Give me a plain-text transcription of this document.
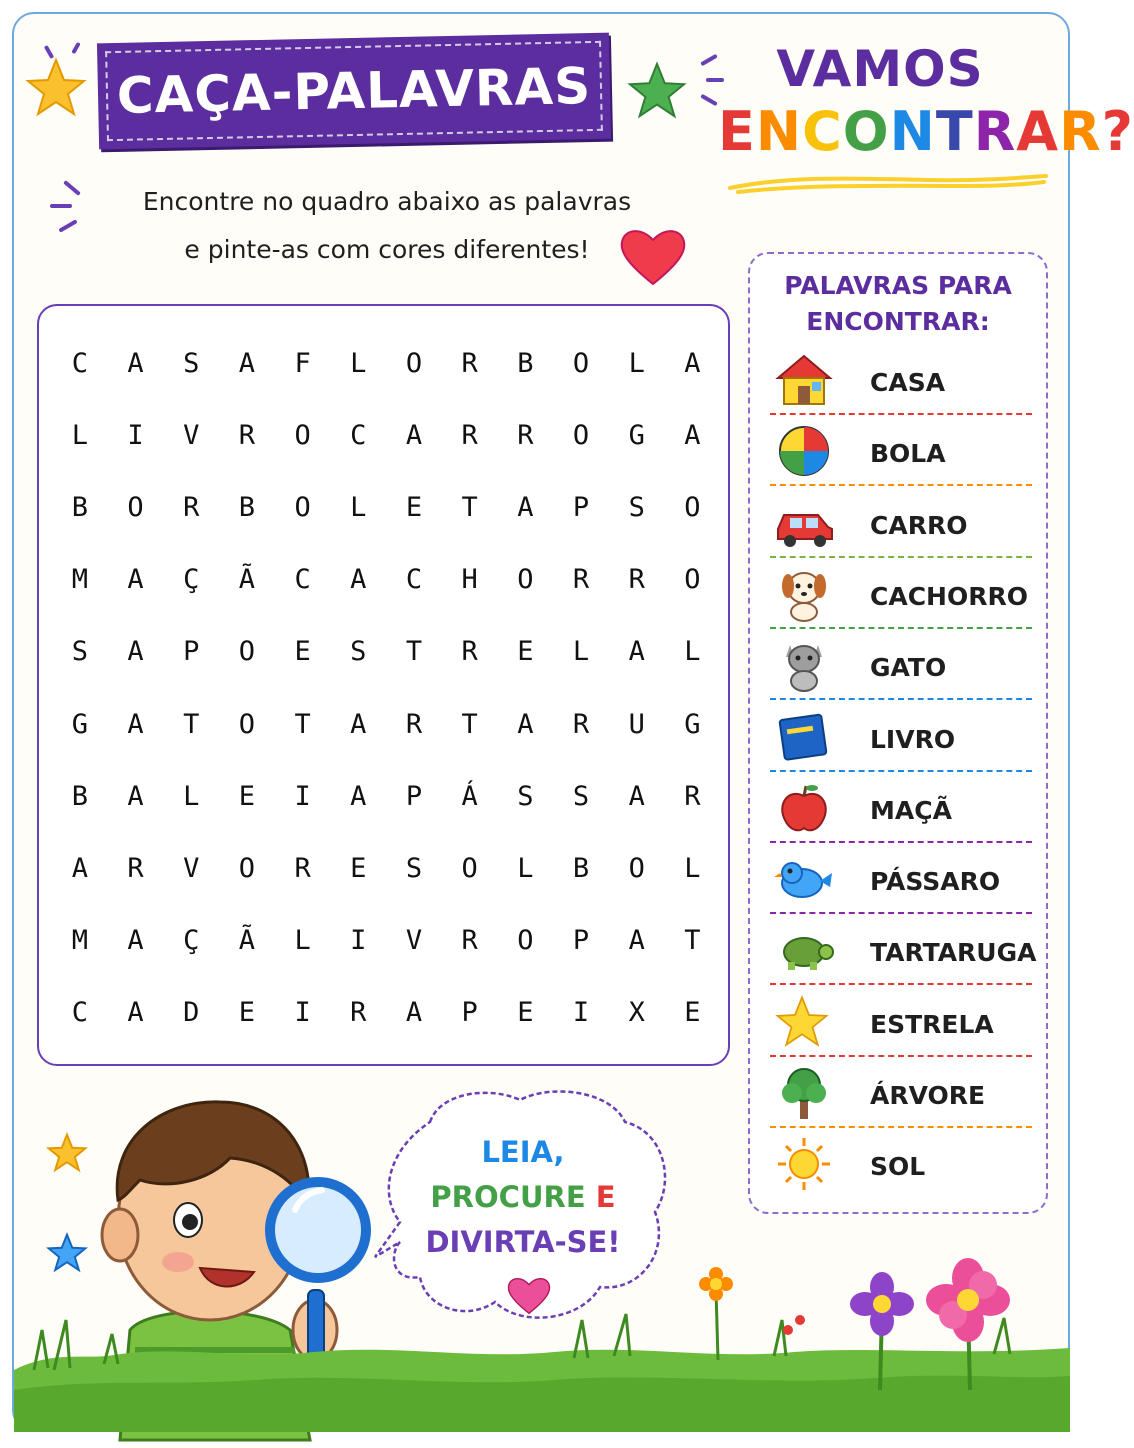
CAÇA-PALAVRAS	VAMOS
ENCONTRAR?
Encontre no quadro abaixo as palavras
e pinte-as com cores diferentes!
C	A	S	A	F	L	O	R	B	O	L	A
L	I	V	R	O	C	A	R	R	O	G	A
B	O	R	B	O	L	E	T	A	P	S	O
M	A	Ç	Ã	C	A	C	H	O	R	R	O
S	A	P	O	E	S	T	R	E	L	A	L
G	A	T	O	T	A	R	T	A	R	U	G
B	A	L	E	I	A	P	Á	S	S	A	R
A	R	V	O	R	E	S	O	L	B	O	L
M	A	Ç	Ã	L	I	V	R	O	P	A	T
C	A	D	E	I	R	A	P	E	I	X	E
PALAVRAS PARA
ENCONTRAR:
CASA
BOLA
CARRO
CACHORRO
GATO
LIVRO
MAÇÃ
PÁSSARO
TARTARUGA
ESTRELA
ÁRVORE
SOL
LEIA,
PROCURE E
DIVIRTA-SE!
